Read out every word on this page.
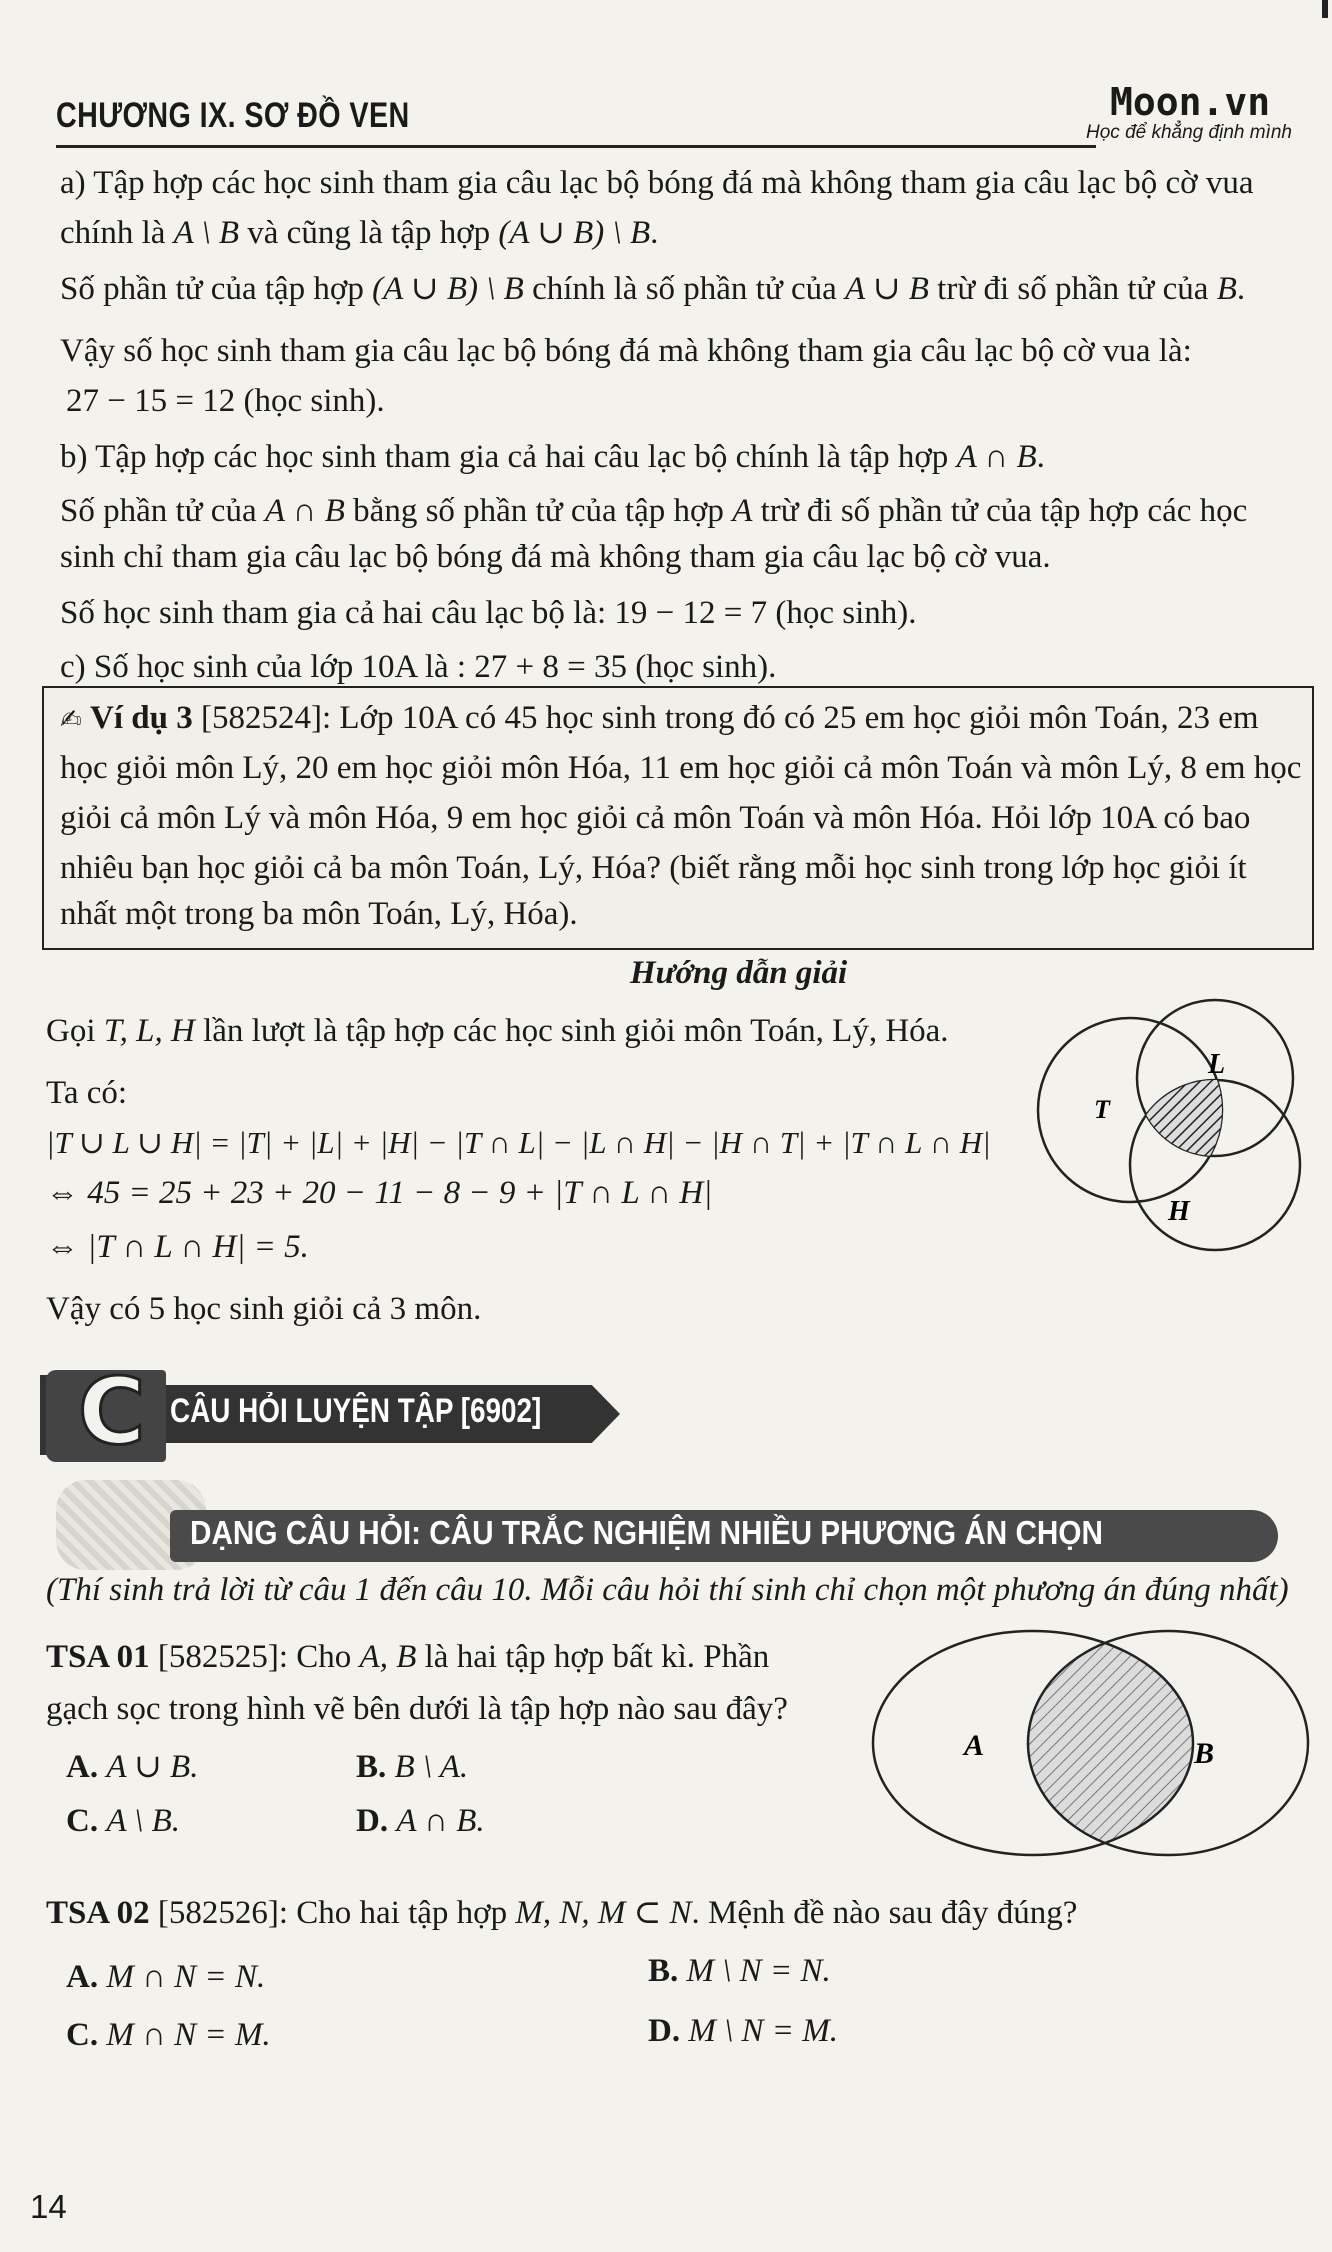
CHƯƠNG IX. SƠ ĐỒ VEN	Moon.vn
Học để khẳng định mình
a) Tập hợp các học sinh tham gia câu lạc bộ bóng đá mà không tham gia câu lạc bộ cờ vua
chính là A \ B và cũng là tập hợp (A ∪ B) \ B.
Số phần tử của tập hợp (A ∪ B) \ B chính là số phần tử của A ∪ B trừ đi số phần tử của B.
Vậy số học sinh tham gia câu lạc bộ bóng đá mà không tham gia câu lạc bộ cờ vua là:
27 − 15 = 12 (học sinh).
b) Tập hợp các học sinh tham gia cả hai câu lạc bộ chính là tập hợp A ∩ B.
Số phần tử của A ∩ B bằng số phần tử của tập hợp A trừ đi số phần tử của tập hợp các học
sinh chỉ tham gia câu lạc bộ bóng đá mà không tham gia câu lạc bộ cờ vua.
Số học sinh tham gia cả hai câu lạc bộ là: 19 − 12 = 7 (học sinh).
c) Số học sinh của lớp 10A là : 27 + 8 = 35 (học sinh).
✍ Ví dụ 3 [582524]: Lớp 10A có 45 học sinh trong đó có 25 em học giỏi môn Toán, 23 em
học giỏi môn Lý, 20 em học giỏi môn Hóa, 11 em học giỏi cả môn Toán và môn Lý, 8 em học
giỏi cả môn Lý và môn Hóa, 9 em học giỏi cả môn Toán và môn Hóa. Hỏi lớp 10A có bao
nhiêu bạn học giỏi cả ba môn Toán, Lý, Hóa? (biết rằng mỗi học sinh trong lớp học giỏi ít
nhất một trong ba môn Toán, Lý, Hóa).
Hướng dẫn giải
Gọi T, L, H lần lượt là tập hợp các học sinh giỏi môn Toán, Lý, Hóa.
Ta có:
|T ∪ L ∪ H| = |T| + |L| + |H| − |T ∩ L| − |L ∩ H| − |H ∩ T| + |T ∩ L ∩ H|
⇔ 45 = 25 + 23 + 20 − 11 − 8 − 9 + |T ∩ L ∩ H|
⇔ |T ∩ L ∩ H| = 5.
Vậy có 5 học sinh giỏi cả 3 môn.
L
T
H
C CÂU HỎI LUYỆN TẬP [6902]
DẠNG CÂU HỎI: CÂU TRẮC NGHIỆM NHIỀU PHƯƠNG ÁN CHỌN
(Thí sinh trả lời từ câu 1 đến câu 10. Mỗi câu hỏi thí sinh chỉ chọn một phương án đúng nhất)
TSA 01 [582525]: Cho A, B là hai tập hợp bất kì. Phần
gạch sọc trong hình vẽ bên dưới là tập hợp nào sau đây?
A. A ∪ B.	B. B \ A.
C. A \ B.	D. A ∩ B.
A	B
TSA 02 [582526]: Cho hai tập hợp M, N, M ⊂ N. Mệnh đề nào sau đây đúng?
A. M ∩ N = N.	B. M \ N = N.
C. M ∩ N = M.	D. M \ N = M.
14
